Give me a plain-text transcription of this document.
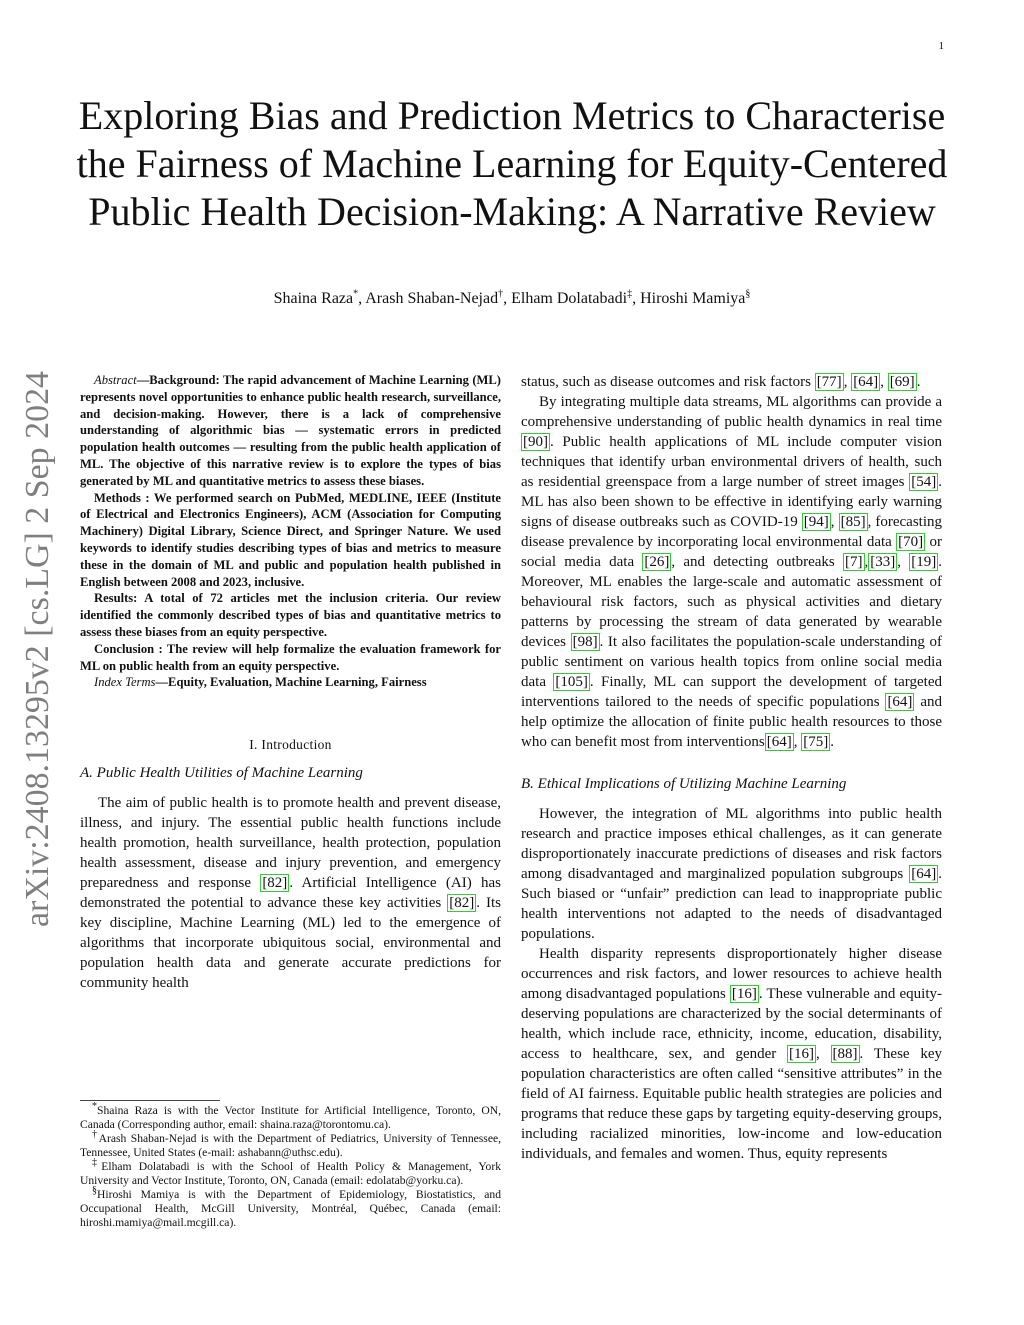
1
arXiv:2408.13295v2 [cs.LG] 2 Sep 2024
Exploring Bias and Prediction Metrics to Characterise the Fairness of Machine Learning for Equity-Centered Public Health Decision-Making: A Narrative Review
Shaina Raza*, Arash Shaban-Nejad†, Elham Dolatabadi‡, Hiroshi Mamiya§

Abstract—Background: The rapid advancement of Machine Learning (ML) represents novel opportunities to enhance public health research, surveillance, and decision-making. However, there is a lack of comprehensive understanding of algorithmic bias — systematic errors in predicted population health outcomes — resulting from the public health application of ML. The objective of this narrative review is to explore the types of bias generated by ML and quantitative metrics to assess these biases.

Methods : We performed search on PubMed, MEDLINE, IEEE (Institute of Electrical and Electronics Engineers), ACM (Association for Computing Machinery) Digital Library, Science Direct, and Springer Nature. We used keywords to identify studies describing types of bias and metrics to measure these in the domain of ML and public and population health published in English between 2008 and 2023, inclusive.

Results: A total of 72 articles met the inclusion criteria. Our review identified the commonly described types of bias and quantitative metrics to assess these biases from an equity perspective.

Conclusion : The review will help formalize the evaluation framework for ML on public health from an equity perspective.

Index Terms—Equity, Evaluation, Machine Learning, Fairness

I. Introduction
A. Public Health Utilities of Machine Learning

The aim of public health is to promote health and prevent disease, illness, and injury. The essential public health functions include health promotion, health surveillance, health protection, population health assessment, disease and injury prevention, and emergency preparedness and response [82] . Artificial Intelligence (AI) has demonstrated the potential to advance these key activities [82] . Its key discipline, Machine Learning (ML) led to the emergence of algorithms that incorporate ubiquitous social, environmental and population health data and generate accurate predictions for community health

*Shaina Raza is with the Vector Institute for Artificial Intelligence, Toronto, ON, Canada (Corresponding author, email: shaina.raza@torontomu.ca).

†Arash Shaban-Nejad is with the Department of Pediatrics, University of Tennessee, Tennessee, United States (e-mail: ashabann@uthsc.edu).

‡Elham Dolatabadi is with the School of Health Policy & Management, York University and Vector Institute, Toronto, ON, Canada (email: edolatab@yorku.ca).

§Hiroshi Mamiya is with the Department of Epidemiology, Biostatistics, and Occupational Health, McGill University, Montréal, Québec, Canada (email: hiroshi.mamiya@mail.mcgill.ca).

status, such as disease outcomes and risk factors [77] , [64] , [69] .

By integrating multiple data streams, ML algorithms can provide a comprehensive understanding of public health dynamics in real time [90] . Public health applications of ML include computer vision techniques that identify urban environmental drivers of health, such as residential greenspace from a large number of street images [54] . ML has also been shown to be effective in identifying early warning signs of disease outbreaks such as COVID-19 [94] , [85] , forecasting disease prevalence by incorporating local environmental data [70] or social media data [26] , and detecting outbreaks [7] , [33] , [19] . Moreover, ML enables the large-scale and automatic assessment of behavioural risk factors, such as physical activities and dietary patterns by processing the stream of data generated by wearable devices [98] . It also facilitates the population-scale understanding of public sentiment on various health topics from online social media data [105] . Finally, ML can support the development of targeted interventions tailored to the needs of specific populations [64] and help optimize the allocation of finite public health resources to those who can benefit most from interventions [64] , [75] .

B. Ethical Implications of Utilizing Machine Learning

However, the integration of ML algorithms into public health research and practice imposes ethical challenges, as it can generate disproportionately inaccurate predictions of diseases and risk factors among disadvantaged and marginalized population subgroups [64] . Such biased or “unfair” prediction can lead to inappropriate public health interventions not adapted to the needs of disadvantaged populations.

Health disparity represents disproportionately higher disease occurrences and risk factors, and lower resources to achieve health among disadvantaged populations [16] . These vulnerable and equity-deserving populations are characterized by the social determinants of health, which include race, ethnicity, income, education, disability, access to healthcare, sex, and gender [16] , [88] . These key population characteristics are often called “sensitive attributes” in the field of AI fairness. Equitable public health strategies are policies and programs that reduce these gaps by targeting equity-deserving groups, including racialized minorities, low-income and low-education individuals, and females and women. Thus, equity represents
